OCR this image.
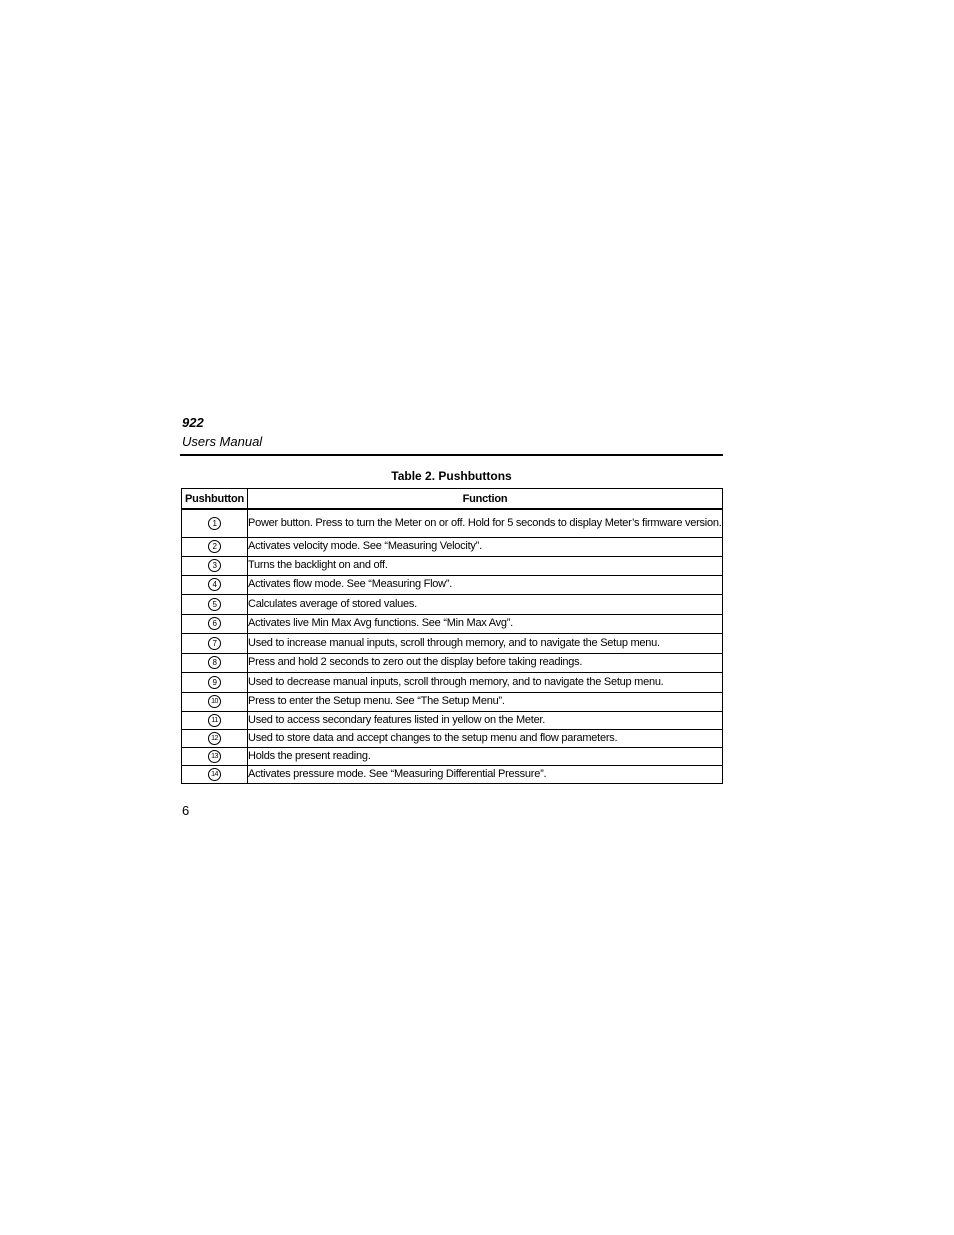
922
Users Manual
Table 2. Pushbuttons
Pushbutton	Function
1	Power button. Press to turn the Meter on or off. Hold for 5 seconds to display Meter’s firmware version.
2	Activates velocity mode. See “Measuring Velocity”.
3	Turns the backlight on and off.
4	Activates flow mode. See “Measuring Flow”.
5	Calculates average of stored values.
6	Activates live Min Max Avg functions. See “Min Max Avg”.
7	Used to increase manual inputs, scroll through memory, and to navigate the Setup menu.
8	Press and hold 2 seconds to zero out the display before taking readings.
9	Used to decrease manual inputs, scroll through memory, and to navigate the Setup menu.
10	Press to enter the Setup menu. See “The Setup Menu”.
11	Used to access secondary features listed in yellow on the Meter.
12	Used to store data and accept changes to the setup menu and flow parameters.
13	Holds the present reading.
14	Activates pressure mode. See “Measuring Differential Pressure”.
6
